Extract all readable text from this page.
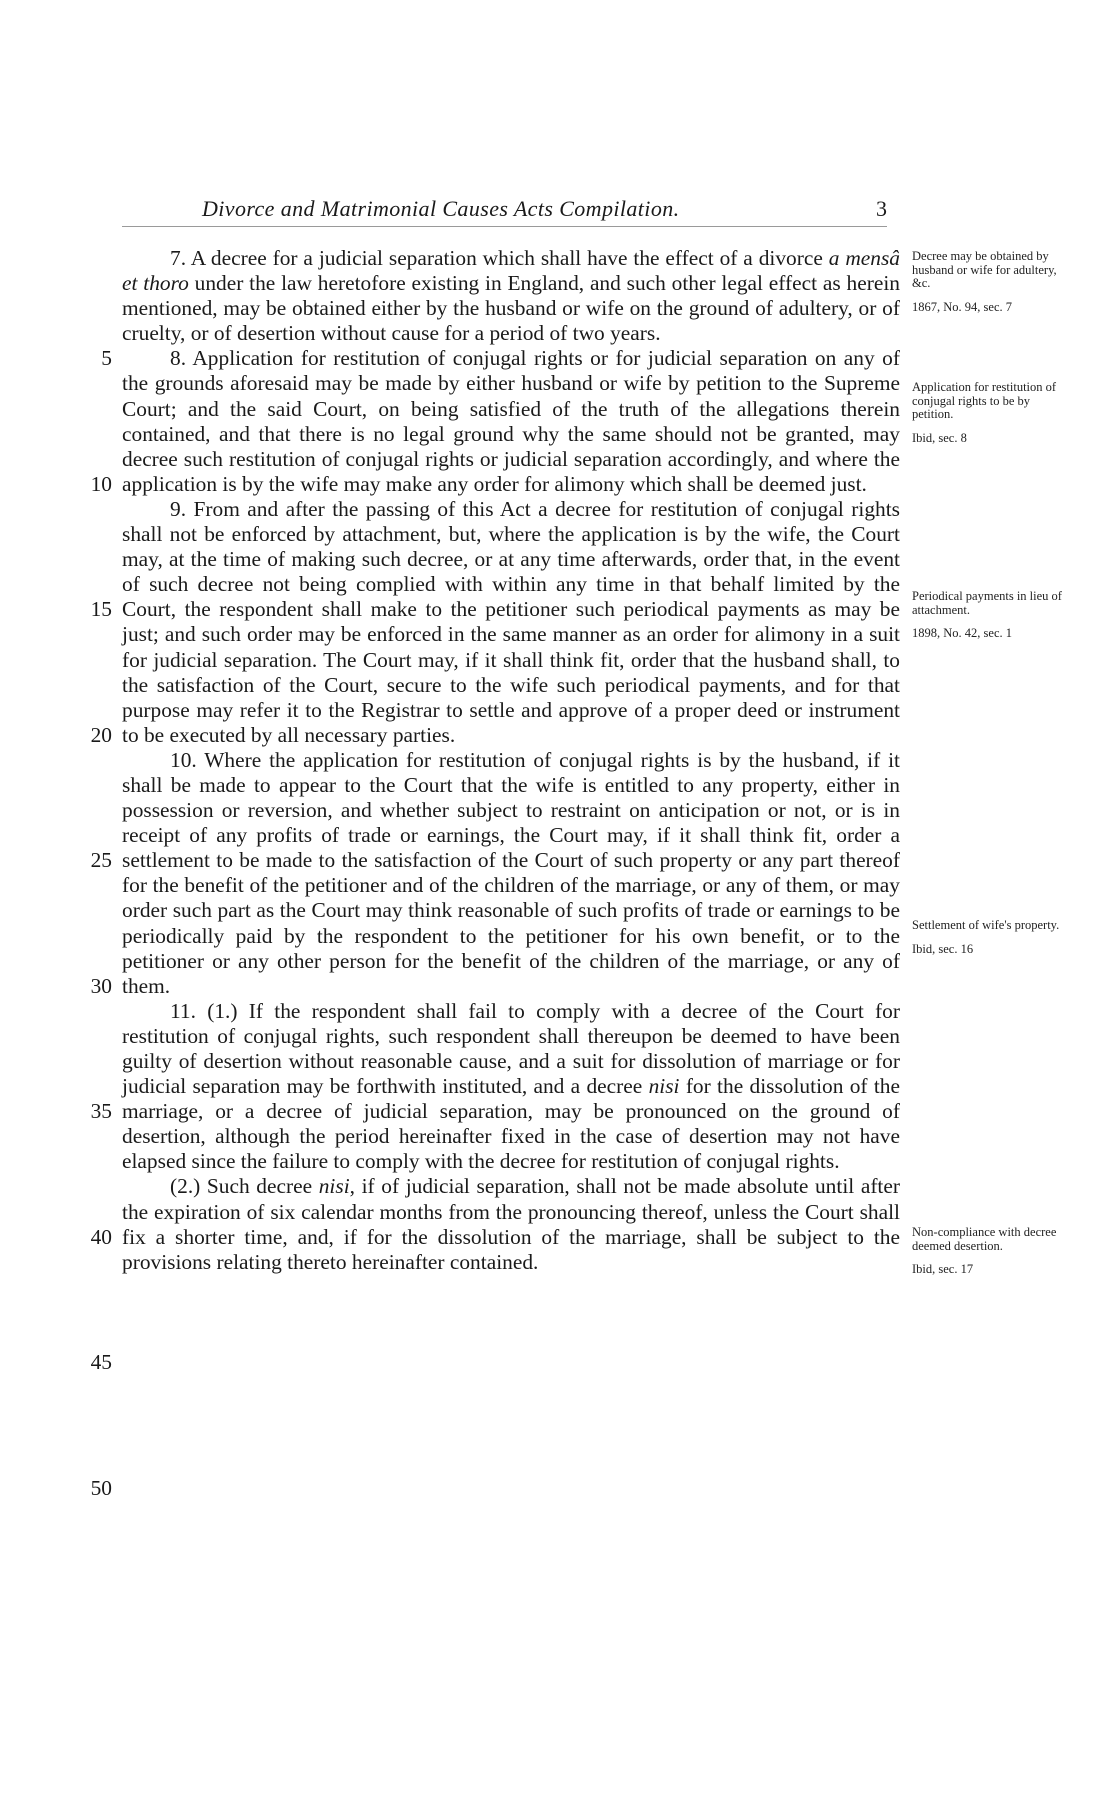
Divorce and Matrimonial Causes Acts Compilation.	3
5
10
15
20
25
30
35
40
45
50
7. A decree for a judicial separation which shall have the effect of a divorce a mensâ et thoro under the law heretofore existing in England, and such other legal effect as herein mentioned, may be obtained either by the husband or wife on the ground of adultery, or of cruelty, or of desertion without cause for a period of two years.
8. Application for restitution of conjugal rights or for judicial separation on any of the grounds aforesaid may be made by either husband or wife by petition to the Supreme Court; and the said Court, on being satisfied of the truth of the allegations therein contained, and that there is no legal ground why the same should not be granted, may decree such restitution of conjugal rights or judicial separation accordingly, and where the application is by the wife may make any order for alimony which shall be deemed just.
9. From and after the passing of this Act a decree for restitution of conjugal rights shall not be enforced by attachment, but, where the application is by the wife, the Court may, at the time of making such decree, or at any time afterwards, order that, in the event of such decree not being complied with within any time in that behalf limited by the Court, the respondent shall make to the petitioner such periodical payments as may be just; and such order may be enforced in the same manner as an order for alimony in a suit for judicial separation. The Court may, if it shall think fit, order that the husband shall, to the satisfaction of the Court, secure to the wife such periodical payments, and for that purpose may refer it to the Registrar to settle and approve of a proper deed or instrument to be executed by all necessary parties.
10. Where the application for restitution of conjugal rights is by the husband, if it shall be made to appear to the Court that the wife is entitled to any property, either in possession or reversion, and whether subject to restraint on anticipation or not, or is in receipt of any profits of trade or earnings, the Court may, if it shall think fit, order a settlement to be made to the satisfaction of the Court of such property or any part thereof for the benefit of the petitioner and of the children of the marriage, or any of them, or may order such part as the Court may think reasonable of such profits of trade or earnings to be periodically paid by the respondent to the petitioner for his own benefit, or to the petitioner or any other person for the benefit of the children of the marriage, or any of them.
11. (1.) If the respondent shall fail to comply with a decree of the Court for restitution of conjugal rights, such respondent shall thereupon be deemed to have been guilty of desertion without reasonable cause, and a suit for dissolution of marriage or for judicial separation may be forthwith instituted, and a decree nisi for the dissolution of the marriage, or a decree of judicial separation, may be pronounced on the ground of desertion, although the period hereinafter fixed in the case of desertion may not have elapsed since the failure to comply with the decree for restitution of conjugal rights.
(2.) Such decree nisi, if of judicial separation, shall not be made absolute until after the expiration of six calendar months from the pronouncing thereof, unless the Court shall fix a shorter time, and, if for the dissolution of the marriage, shall be subject to the provisions relating thereto hereinafter contained.
Decree may be obtained by husband or wife for adultery, &c.
1867, No. 94, sec. 7
Application for restitution of conjugal rights to be by petition.
Ibid, sec. 8
Periodical payments in lieu of attachment.
1898, No. 42, sec. 1
Settlement of wife's property.
Ibid, sec. 16
Non-compliance with decree deemed desertion.
Ibid, sec. 17
